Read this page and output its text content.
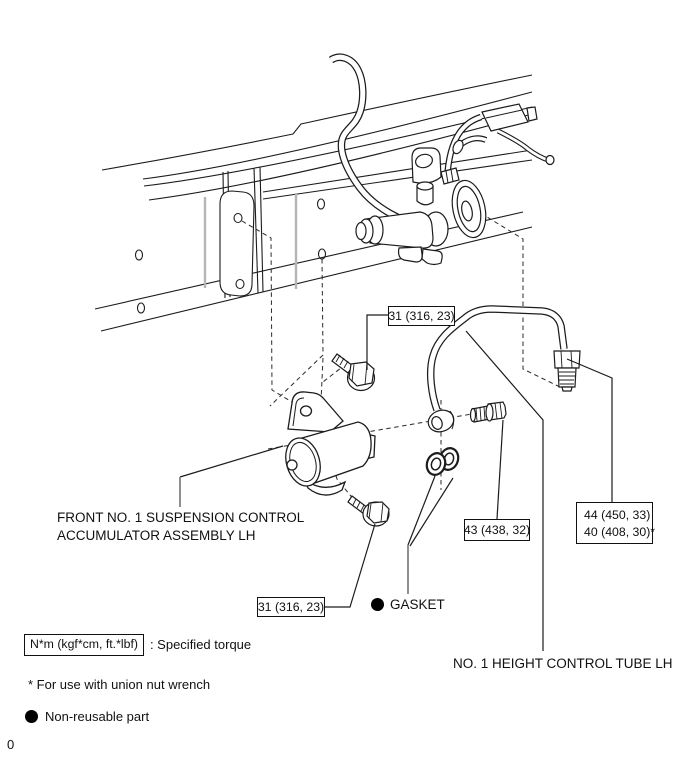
31 (316, 23)
31 (316, 23)
43 (438, 32)
44 (450, 33)
40 (408, 30)*
FRONT NO. 1 SUSPENSION CONTROL
ACCUMULATOR ASSEMBLY LH
GASKET
NO. 1 HEIGHT CONTROL TUBE LH
N*m (kgf*cm, ft.*lbf) : Specified torque
* For use with union nut wrench
Non-reusable part
0
